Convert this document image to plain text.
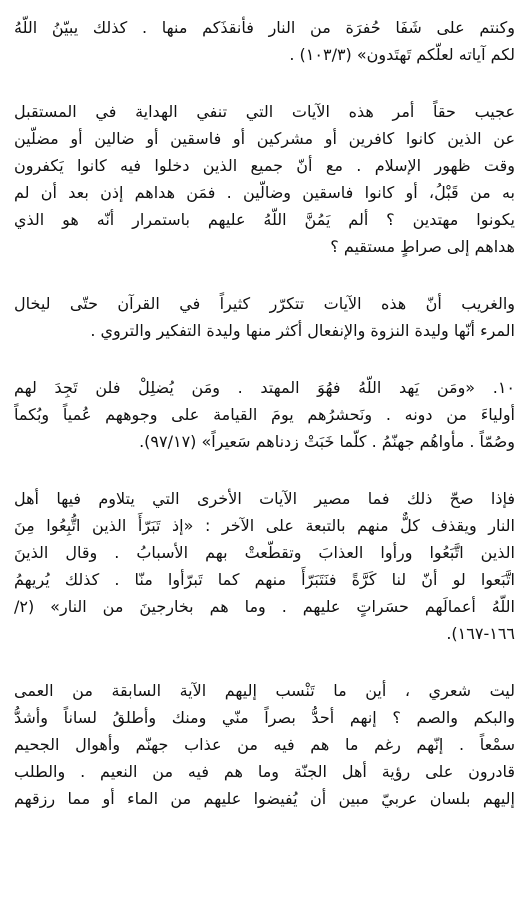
وكنتم على شَفَا حُفرَة من النار فأنقذَكم منها . كذلك يبيّنُ اللّهُ
لكم آياته لعلّكم تَهتَدون» (١٠٣/٣) .
عجيب حقاً أمر هذه الآيات التي تنفي الهداية في المستقبل
عن الذين كانوا كافرين أو مشركين أو فاسقين أو ضالين أو مضلّين
وقت ظهور الإسلام . مع أنّ جميع الذين دخلوا فيه كانوا يَكفرون
به من قَبْلُ، أو كانوا فاسقين وضالّين . فمَن هداهم إذن بعد أن لم
يكونوا مهتدين ؟ ألم يَمُنَّ اللّهُ عليهم باستمرار أنّه هو الذي
هداهم إلى صراطٍ مستقيم ؟
والغريب أنّ هذه الآيات تتكرّر كثيراً في القرآن حتّى ليخال
المرء أنّها وليدة النزوة والإنفعال أكثر منها وليدة التفكير والتروي .
١٠. «ومَن يَهد اللّهُ فهُوَ المهتد . ومَن يُضلِلْ فلن تَجِدَ لهم
أولياءَ من دونه . ونَحشرُهم يومَ القيامة على وجوههم عُمياً وبُكماً
وصُمّاً . مأواهُم جهنّمُ . كلّما خَبَتْ زدناهم سَعيراً» (٩٧/١٧).
فإذا صحّ ذلك فما مصير الآيات الأخرى التي يتلاوم فيها أهل
النار ويقذف كلٌّ منهم بالتبعة على الآخر : «إذ تَبَرّأَ الذين اتُّبِعُوا مِنَ
الذين اتَّبَعُوا ورأوا العذابَ وتقطّعتْ بهم الأسبابُ . وقال الذينَ
اتَّبَعوا لو أنّ لنا كَرَّةً فنَتَبَرّأَ منهم كما تَبرّأوا منّا . كذلك يُريهمُ
اللّهُ أعمالَهم حسَراتٍ عليهم . وما هم بخارجينَ من النار» (٢/
١٦٦-١٦٧).
ليت شعري ، أين ما تَنْسب إليهم الآية السابقة من العمى
والبكم والصم ؟ إنهم أحدُّ بصراً منّي ومنك وأطلقُ لساناً وأشدُّ
سمْعاً . إنّهم رغم ما هم فيه من عذاب جهنّم وأهوال الجحيم
قادرون على رؤية أهل الجنّة وما هم فيه من النعيم . والطلب
إليهم بلسان عربيّ مبين أن يُفيضوا عليهم من الماء أو مما رزقهم
